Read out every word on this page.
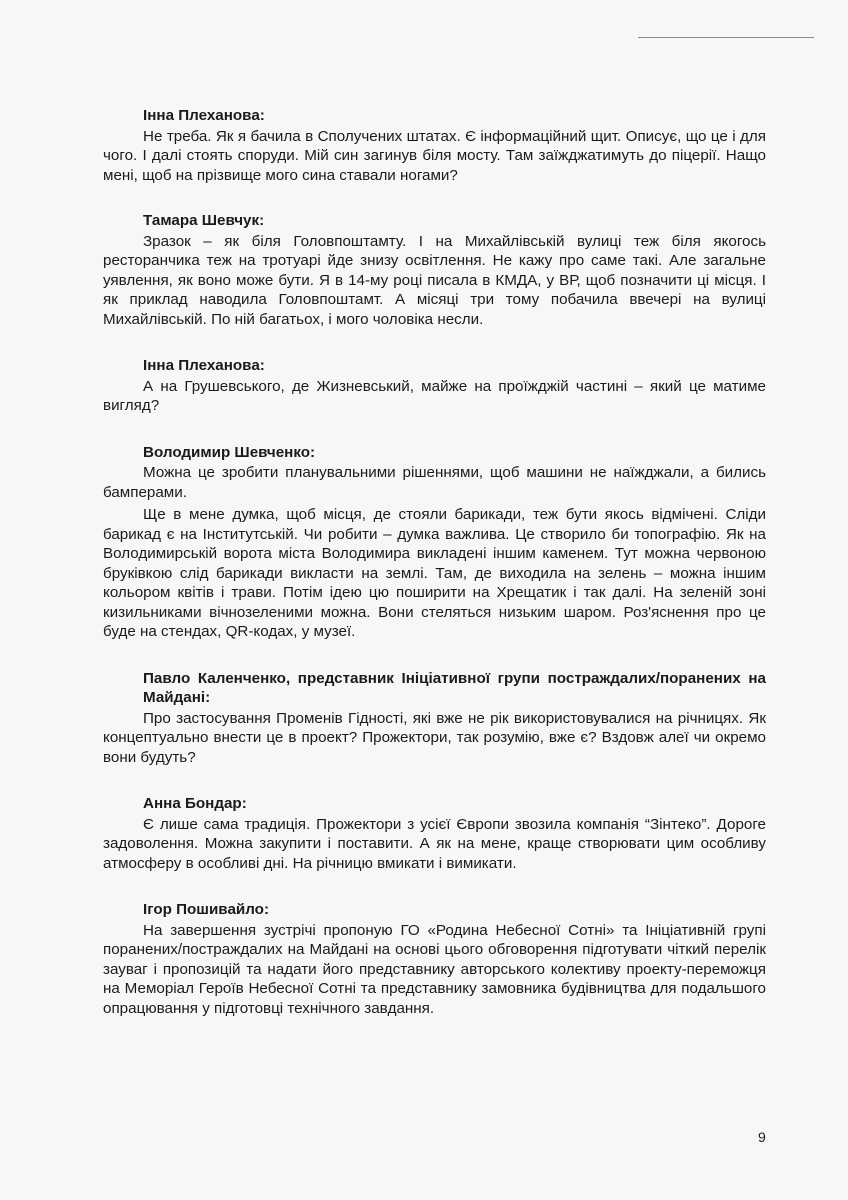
Інна Плеханова:

Не треба. Як я бачила в Сполучених штатах. Є інформаційний щит. Описує, що це і для чого. І далі стоять споруди. Мій син загинув біля мосту. Там заїжджатимуть до піцерії. Нащо мені, щоб на прізвище мого сина ставали ногами?

Тамара Шевчук:

Зразок – як біля Головпоштамту. І на Михайлівській вулиці теж біля якогось ресторанчика теж на тротуарі йде знизу освітлення. Не кажу про саме такі. Але загальне уявлення, як воно може бути. Я в 14-му році писала в КМДА, у ВР, щоб позначити ці місця. І як приклад наводила Головпоштамт. А місяці три тому побачила ввечері на вулиці Михайлівській. По ній багатьох, і мого чоловіка несли.

Інна Плеханова:

А на Грушевського, де Жизневський, майже на проїжджій частині – який це матиме вигляд?

Володимир Шевченко:

Можна це зробити планувальними рішеннями, щоб машини не наїжджали, а бились бамперами.

Ще в мене думка, щоб місця, де стояли барикади, теж бути якось відмічені. Сліди барикад є на Інститутській. Чи робити – думка важлива. Це створило би топографію. Як на Володимирській ворота міста Володимира викладені іншим каменем. Тут можна червоною бруківкою слід барикади викласти на землі. Там, де виходила на зелень – можна іншим кольором квітів і трави. Потім ідею цю поширити на Хрещатик і так далі. На зеленій зоні кизильниками вічнозеленими можна. Вони стеляться низьким шаром. Роз'яснення про це буде на стендах, QR-кодах, у музеї.

Павло Каленченко, представник Ініціативної групи постраждалих/поранених на Майдані:

Про застосування Променів Гідності, які вже не рік використовувалися на річницях. Як концептуально внести це в проект? Прожектори, так розумію, вже є? Вздовж алеї чи окремо вони будуть?

Анна Бондар:

Є лише сама традиція. Прожектори з усієї Європи звозила компанія “Зінтеко”. Дороге задоволення. Можна закупити і поставити. А як на мене, краще створювати цим особливу атмосферу в особливі дні. На річницю вмикати і вимикати.

Ігор Пошивайло:

На завершення зустрічі пропоную ГО «Родина Небесної Сотні» та Ініціативній групі поранених/постраждалих на Майдані на основі цього обговорення підготувати чіткий перелік зауваг і пропозицій та надати його представнику авторського колективу проекту-переможця на Меморіал Героїв Небесної Сотні та представнику замовника будівництва для подальшого опрацювання у підготовці технічного завдання.

9
